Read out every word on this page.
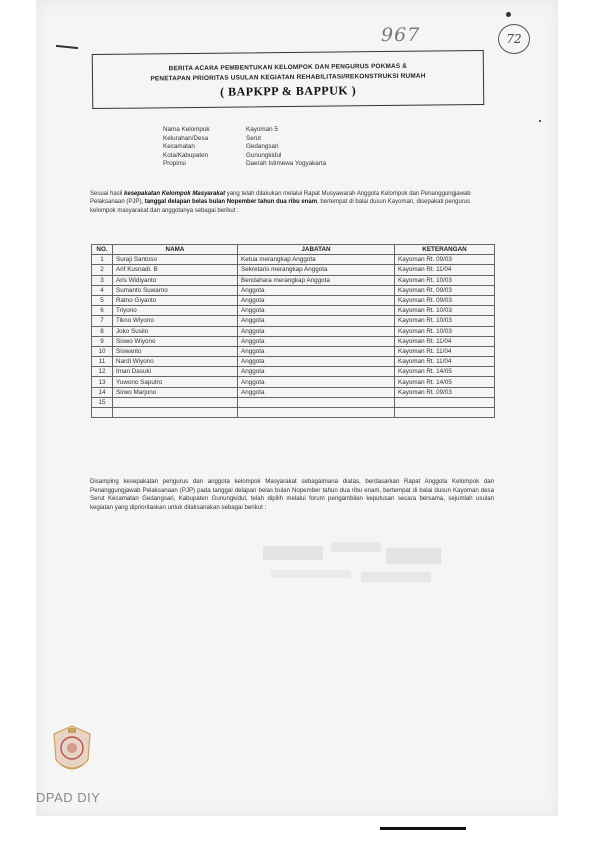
967	72
BERITA ACARA PEMBENTUKAN KELOMPOK DAN PENGURUS POKMAS &
PENETAPAN PRIORITAS USULAN KEGIATAN REHABILITASI/REKONSTRUKSI RUMAH
( BAPKPP & BAPPUK )
Nama Kelompok	Kayoman 5
Kelurahan/Desa	Serut
Kecamatan	Gedangsari
Kota/Kabupaten	Gunungkidul
Propinsi	Daerah Istimewa Yogyakarta
Sesuai hasil kesepakatan Kelompok Masyarakat yang telah dilakukan melalui Rapat Musyawarah Anggota Kelompok dan Penanggungjawab Pelaksanaan (PJP), tanggal delapan belas bulan Nopember tahun dua ribu enam, bertempat di balai dusun Kayoman, disepakati pengurus kelompok masyarakat dan anggotanya sebagai berikut :
NO.	NAMA	JABATAN	KETERANGAN
1	Suraji Santoso	Ketua merangkap Anggota	Kayoman Rt. 09/03
2	Arif Kusnadi. B	Sekretaris merangkap Anggota	Kayoman Rt. 11/04
3	Aris Widiyanto	Bendahara merangkap Anggota	Kayoman Rt. 10/03
4	Sumanto Suwarno	Anggota	Kayoman Rt. 09/03
5	Ratno Giyanto	Anggota	Kayoman Rt. 09/03
6	Triyono	Anggota	Kayoman Rt. 10/03
7	Tikno Wiyono	Anggota	Kayoman Rt. 10/03
8	Joko Susilo	Anggota	Kayoman Rt. 10/03
9	Siswo Wiyono	Anggota	Kayoman Rt. 11/04
10	Siswanto	Anggota	Kayoman Rt. 11/04
11	Nardi Wiyono	Anggota	Kayoman Rt. 11/04
12	Iman Dasuki	Anggota	Kayoman Rt. 14/05
13	Yuwono Saputro	Anggota	Kayoman Rt. 14/05
14	Sirwo Marjono	Anggota	Kayoman Rt. 09/03
15			

Disamping kesepakatan pengurus dan anggota kelompok Masyarakat sebagaimana diatas, berdasarkan Rapat Anggota Kelompok dan Penanggungjawab Pelaksanaan (PJP) pada tanggal delapan belas bulan Nopember tahun dua ribu enam, bertempat di balai dusun Kayoman desa Serut Kecamatan Gedangsari, Kabupaten Gunungkidul, telah dipilih melalui forum pengambilan keputusan secara bersama, sejumlah usulan kegiatan yang diprioritaskan untuk dilaksanakan sebagai berikut :
DPAD DIY
